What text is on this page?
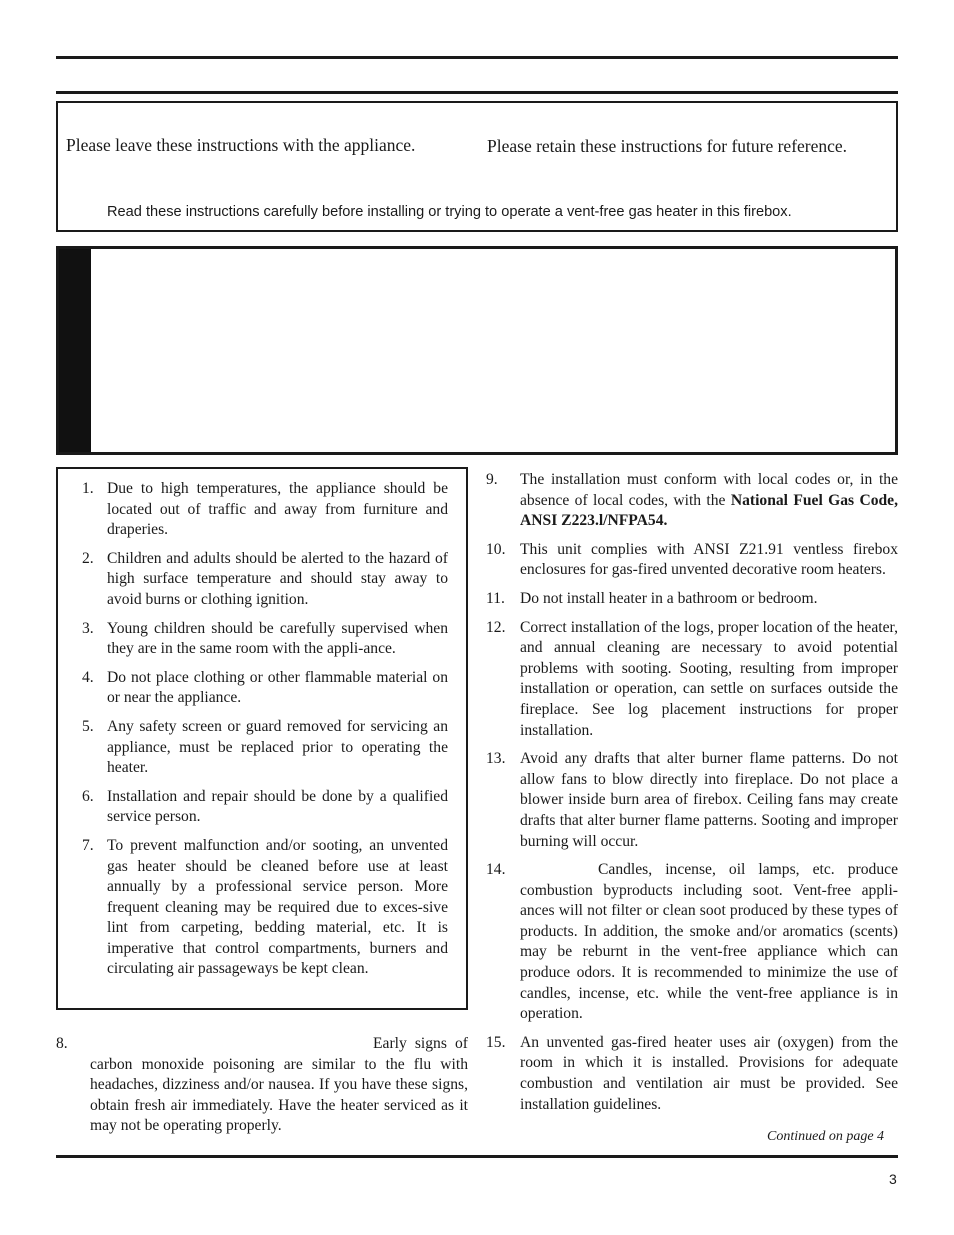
Please leave these instructions with the appliance.	Please retain these instructions for future reference.
Read these instructions carefully before installing or trying to operate a vent-free gas heater in this firebox.
1. Due to high temperatures, the appliance should be located out of traffic and away from furniture and draperies.
2. Children and adults should be alerted to the hazard of high surface temperature and should stay away to avoid burns or clothing ignition.
3. Young children should be carefully supervised when they are in the same room with the appli-ance.
4. Do not place clothing or other flammable material on or near the appliance.
5. Any safety screen or guard removed for servicing an appliance, must be replaced prior to operating the heater.
6. Installation and repair should be done by a qualified service person.
7. To prevent malfunction and/or sooting, an unvented gas heater should be cleaned before use at least annually by a professional service person. More frequent cleaning may be required due to exces-sive lint from carpeting, bedding material, etc. It is imperative that control compartments, burners and circulating air passageways be kept clean.
8.	Early signs of carbon monoxide poisoning are similar to the flu with headaches, dizziness and/or nausea. If you have these signs, obtain fresh air immediately. Have the heater serviced as it may not be operating properly.
9.	The installation must conform with local codes or, in the absence of local codes, with the National Fuel Gas Code, ANSI Z223.l/NFPA54.
10. This unit complies with ANSI Z21.91 ventless firebox enclosures for gas-fired unvented decorative room heaters.
11. Do not install heater in a bathroom or bedroom.
12. Correct installation of the logs, proper location of the heater, and annual cleaning are necessary to avoid potential problems with sooting. Sooting, resulting from improper installation or operation, can settle on surfaces outside the fireplace. See log placement instructions for proper installation.
13. Avoid any drafts that alter burner flame patterns. Do not allow fans to blow directly into fireplace. Do not place a blower inside burn area of firebox. Ceiling fans may create drafts that alter burner flame patterns. Sooting and improper burning will occur.
14.	Candles, incense, oil lamps, etc. produce combustion byproducts including soot. Vent-free appli-ances will not filter or clean soot produced by these types of products. In addition, the smoke and/or aromatics (scents) may be reburnt in the vent-free appliance which can produce odors. It is recommended to minimize the use of candles, incense, etc. while the vent-free appliance is in operation.
15. An unvented gas-fired heater uses air (oxygen) from the room in which it is installed. Provisions for adequate combustion and ventilation air must be provided. See installation guidelines.
Continued on page 4
3
